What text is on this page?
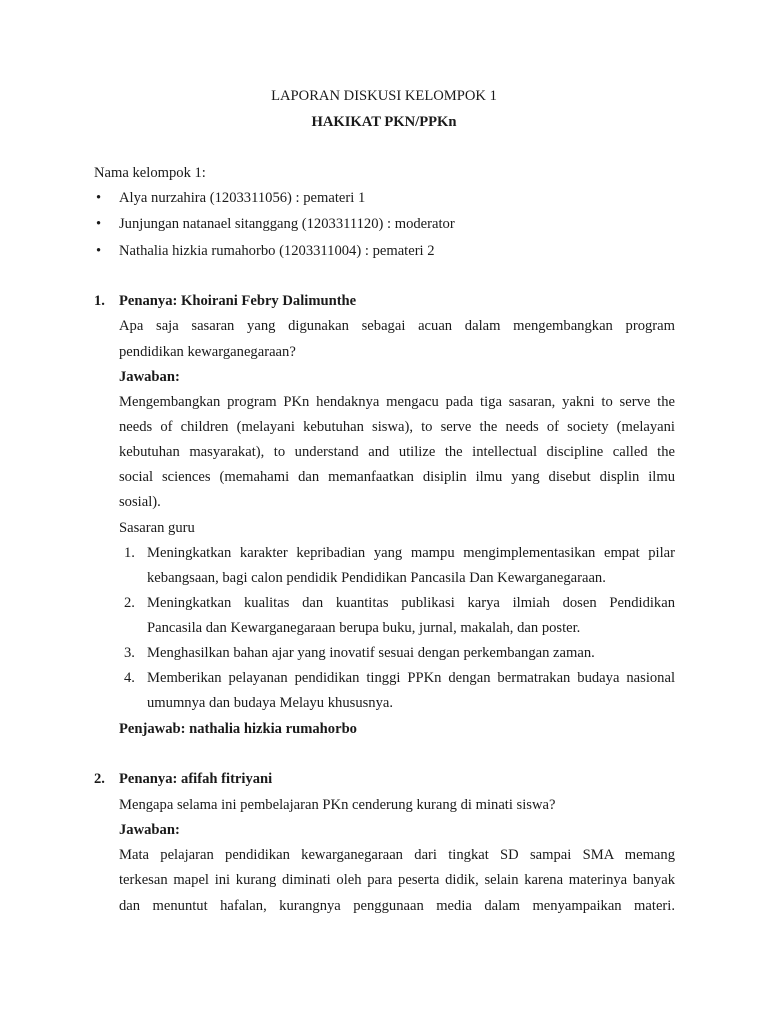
LAPORAN DISKUSI KELOMPOK 1
HAKIKAT PKN/PPKn
Nama kelompok 1:
• Alya nurzahira (1203311056) : pemateri 1
• Junjungan natanael sitanggang (1203311120) : moderator
• Nathalia hizkia rumahorbo (1203311004) : pemateri 2
1. Penanya: Khoirani Febry Dalimunthe
Apa saja sasaran yang digunakan sebagai acuan dalam mengembangkan program
pendidikan kewarganegaraan?
Jawaban:
Mengembangkan program PKn hendaknya mengacu pada tiga sasaran, yakni to serve the
needs of children (melayani kebutuhan siswa), to serve the needs of society (melayani
kebutuhan masyarakat), to understand and utilize the intellectual discipline called the
social sciences (memahami dan memanfaatkan disiplin ilmu yang disebut displin ilmu
sosial).
Sasaran guru
1. Meningkatkan karakter kepribadian yang mampu mengimplementasikan empat pilar
kebangsaan, bagi calon pendidik Pendidikan Pancasila Dan Kewarganegaraan.
2. Meningkatkan kualitas dan kuantitas publikasi karya ilmiah dosen Pendidikan
Pancasila dan Kewarganegaraan berupa buku, jurnal, makalah, dan poster.
3. Menghasilkan bahan ajar yang inovatif sesuai dengan perkembangan zaman.
4. Memberikan pelayanan pendidikan tinggi PPKn dengan bermatrakan budaya nasional
umumnya dan budaya Melayu khususnya.
Penjawab: nathalia hizkia rumahorbo
2. Penanya: afifah fitriyani
Mengapa selama ini pembelajaran PKn cenderung kurang di minati siswa?
Jawaban:
Mata pelajaran pendidikan kewarganegaraan dari tingkat SD sampai SMA memang
terkesan mapel ini kurang diminati oleh para peserta didik, selain karena materinya banyak
dan menuntut hafalan, kurangnya penggunaan media dalam menyampaikan materi.
